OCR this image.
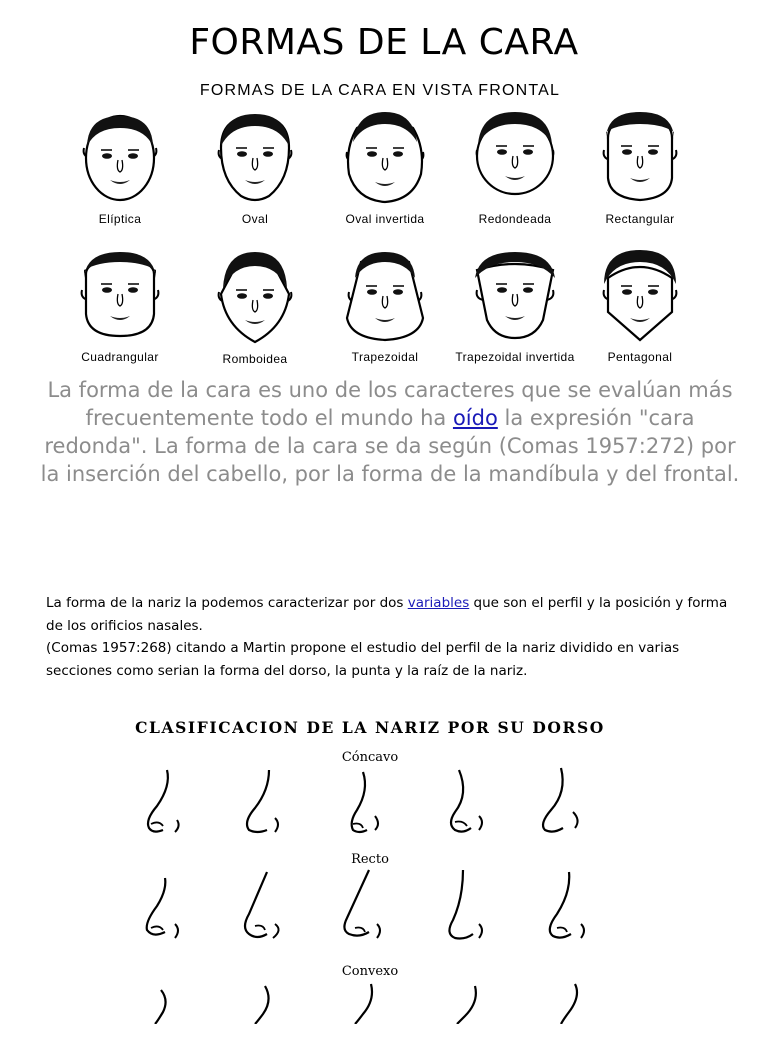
FORMAS DE LA CARA
FORMAS DE LA CARA EN VISTA FRONTAL
Elíptica	Oval	Oval invertida	Redondeada	Rectangular
Cuadrangular	Romboidea	Trapezoidal	Trapezoidal invertida	Pentagonal
La forma de la cara es uno de los caracteres que se evalúan más frecuentemente todo el mundo ha oído la expresión "cara redonda". La forma de la cara se da según (Comas 1957:272) por la inserción del cabello, por la forma de la mandíbula y del frontal.
La forma de la nariz la podemos caracterizar por dos variables que son el perfil y la posición y forma de los orificios nasales.
(Comas 1957:268) citando a Martin propone el estudio del perfil de la nariz dividido en varias secciones como serian la forma del dorso, la punta y la raíz de la nariz.
CLASIFICACION DE LA NARIZ POR SU DORSO
Cóncavo
Recto
Convexo
